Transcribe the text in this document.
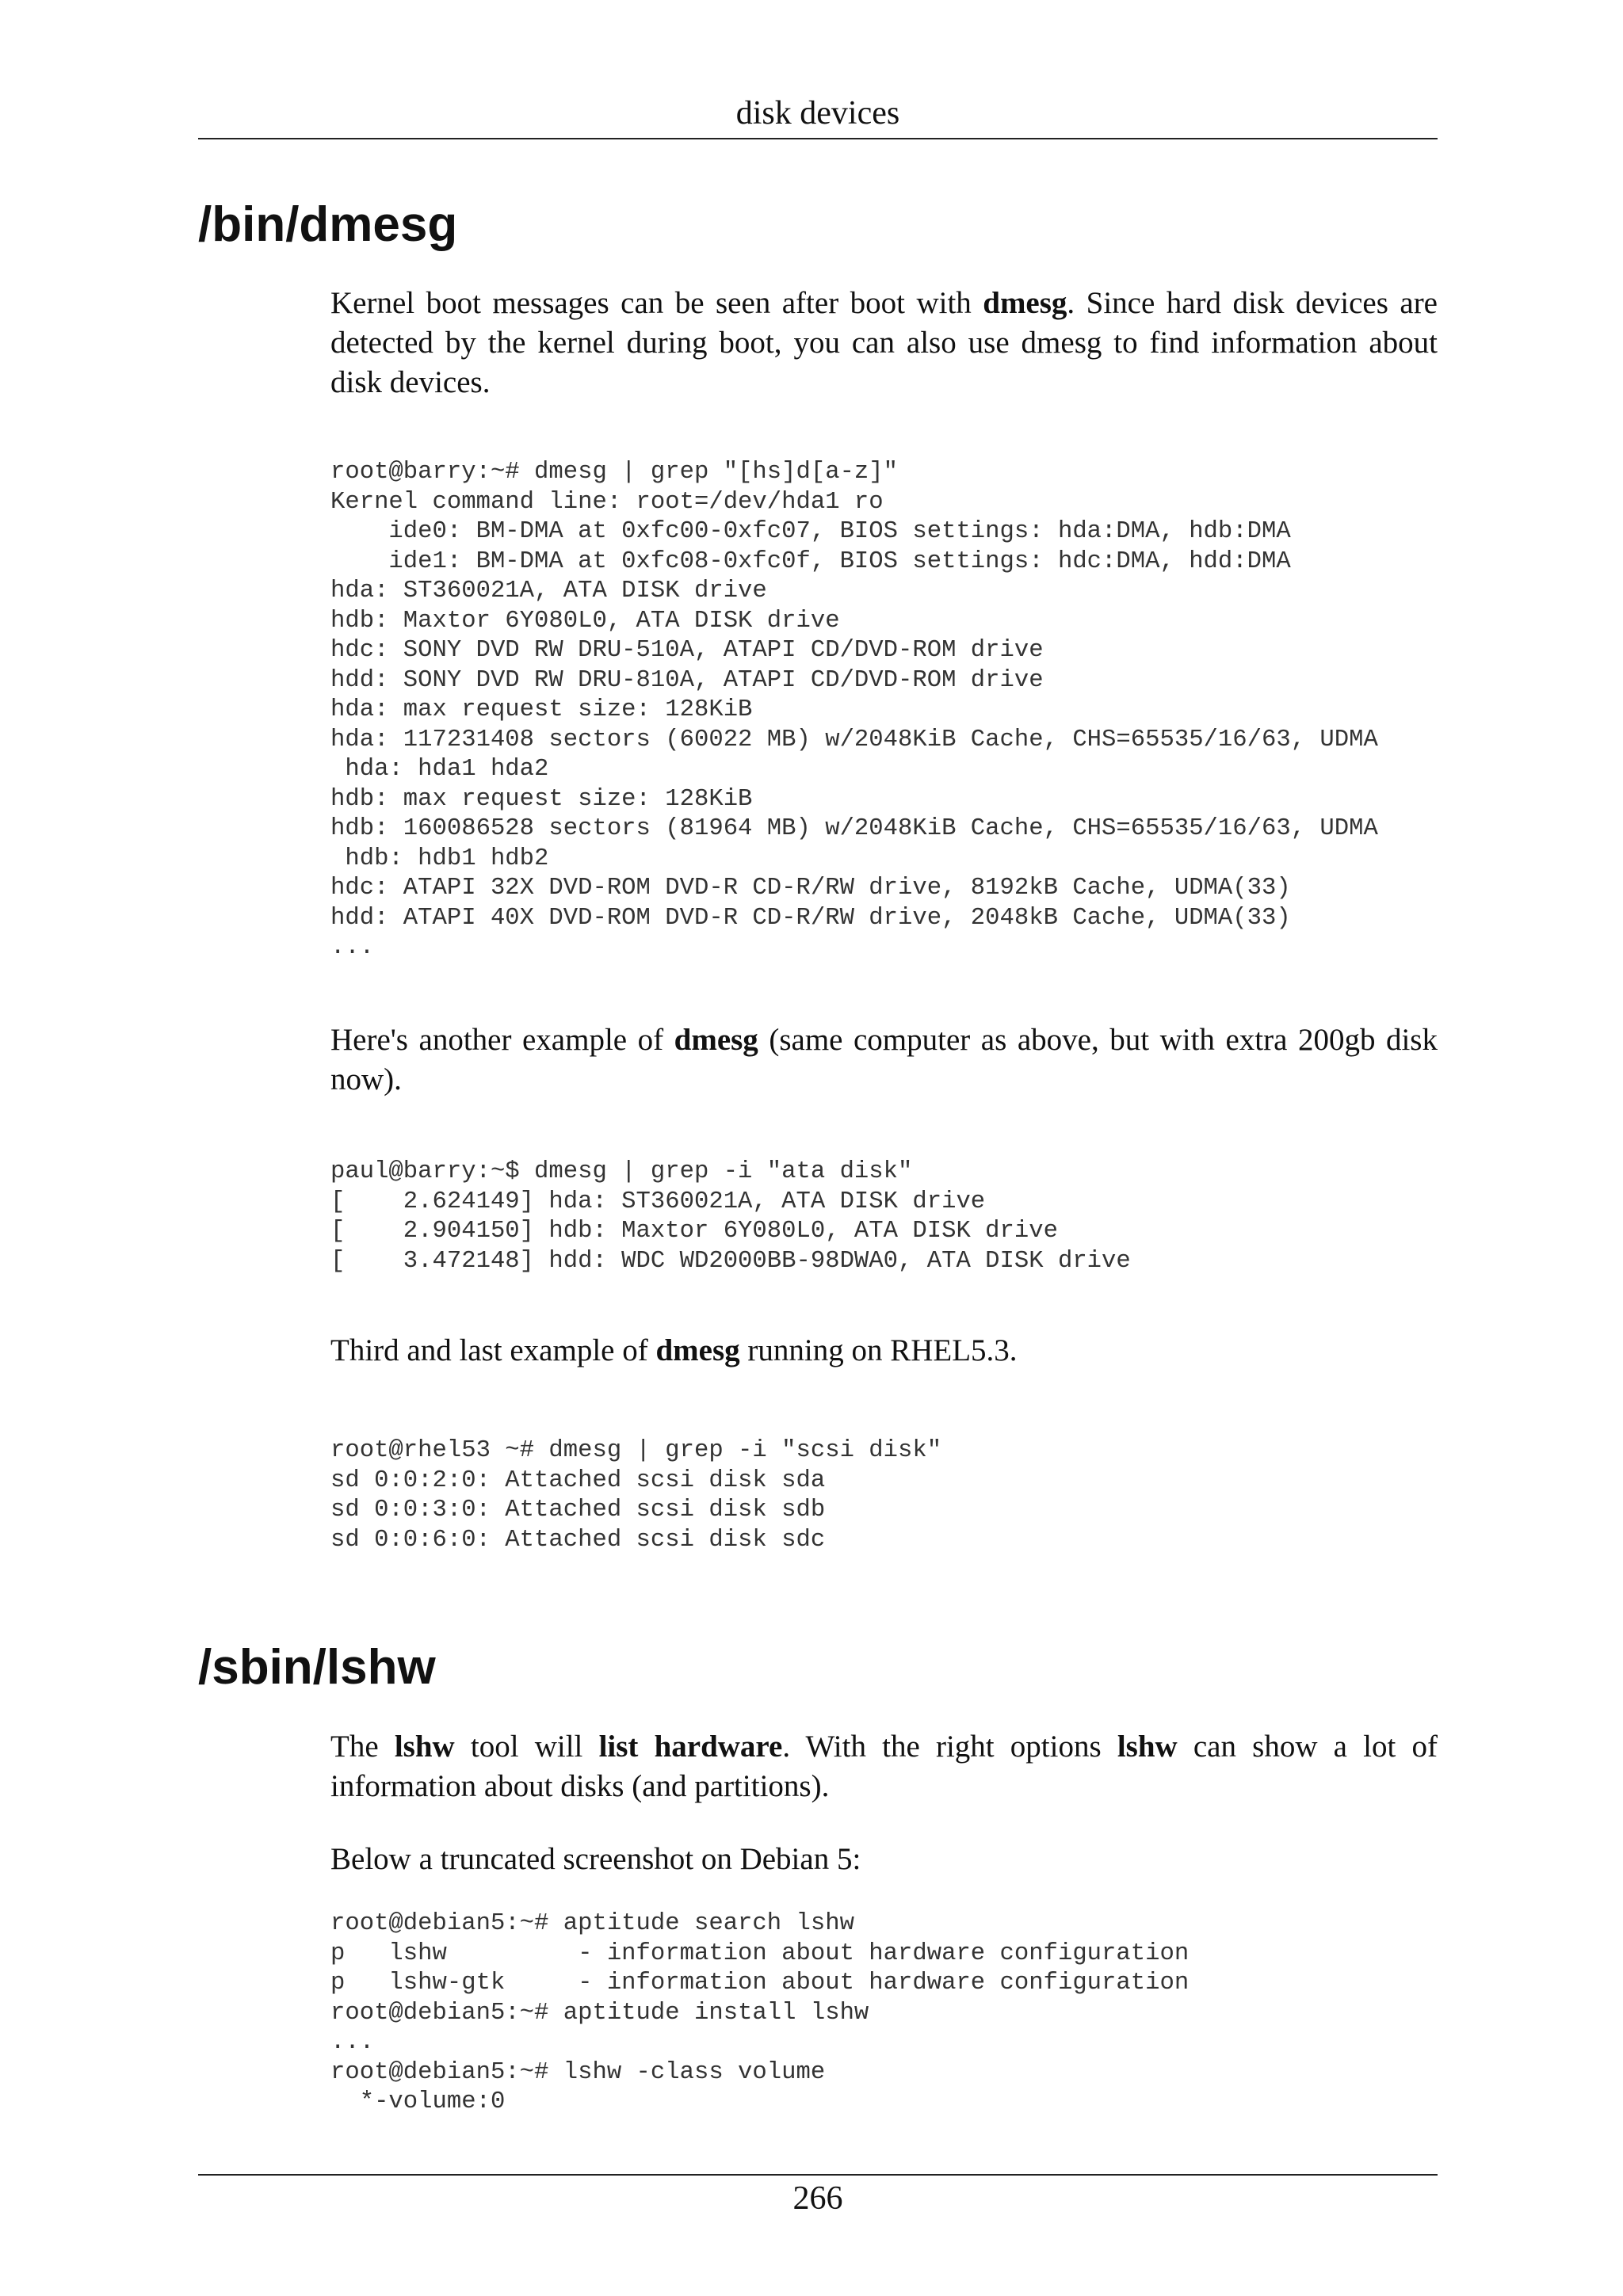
disk devices
/bin/dmesg

Kernel boot messages can be seen after boot with dmesg. Since hard disk devices are detected by the kernel during boot, you can also use dmesg to find information about disk devices.

root@barry:~# dmesg | grep "[hs]d[a-z]"
Kernel command line: root=/dev/hda1 ro
ide0: BM-DMA at 0xfc00-0xfc07, BIOS settings: hda:DMA, hdb:DMA
ide1: BM-DMA at 0xfc08-0xfc0f, BIOS settings: hdc:DMA, hdd:DMA
hda: ST360021A, ATA DISK drive
hdb: Maxtor 6Y080L0, ATA DISK drive
hdc: SONY DVD RW DRU-510A, ATAPI CD/DVD-ROM drive
hdd: SONY DVD RW DRU-810A, ATAPI CD/DVD-ROM drive
hda: max request size: 128KiB
hda: 117231408 sectors (60022 MB) w/2048KiB Cache, CHS=65535/16/63, UDMA
hda: hda1 hda2
hdb: max request size: 128KiB
hdb: 160086528 sectors (81964 MB) w/2048KiB Cache, CHS=65535/16/63, UDMA
hdb: hdb1 hdb2
hdc: ATAPI 32X DVD-ROM DVD-R CD-R/RW drive, 8192kB Cache, UDMA(33)
hdd: ATAPI 40X DVD-ROM DVD-R CD-R/RW drive, 2048kB Cache, UDMA(33)
...

Here's another example of dmesg (same computer as above, but with extra 200gb disk now).

paul@barry:~$ dmesg | grep -i "ata disk"
[    2.624149] hda: ST360021A, ATA DISK drive
[    2.904150] hdb: Maxtor 6Y080L0, ATA DISK drive
[    3.472148] hdd: WDC WD2000BB-98DWA0, ATA DISK drive

Third and last example of dmesg running on RHEL5.3.

root@rhel53 ~# dmesg | grep -i "scsi disk"
sd 0:0:2:0: Attached scsi disk sda
sd 0:0:3:0: Attached scsi disk sdb
sd 0:0:6:0: Attached scsi disk sdc
/sbin/lshw

The lshw tool will list hardware. With the right options lshw can show a lot of information about disks (and partitions).

Below a truncated screenshot on Debian 5:

root@debian5:~# aptitude search lshw
p   lshw         - information about hardware configuration
p   lshw-gtk     - information about hardware configuration
root@debian5:~# aptitude install lshw
...
root@debian5:~# lshw -class volume
*-volume:0
266
